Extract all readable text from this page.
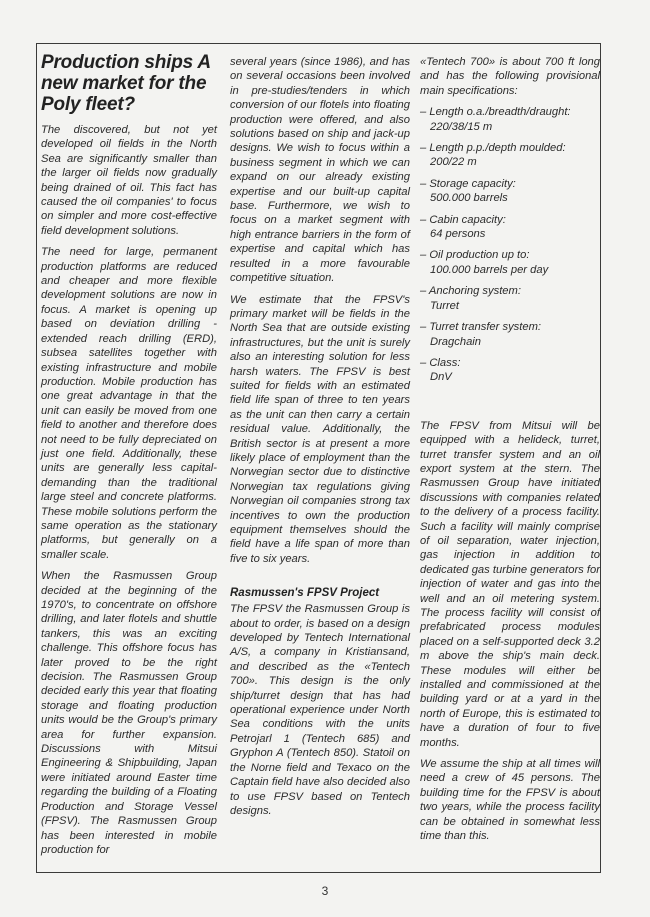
Production ships A new market for the Poly fleet?

The discovered, but not yet developed oil fields in the North Sea are significantly smaller than the larger oil fields now gradually being drained of oil. This fact has caused the oil companies' to focus on simpler and more cost-effective field development solutions.

The need for large, permanent production platforms are reduced and cheaper and more flexible development solutions are now in focus. A market is opening up based on deviation drilling - extended reach drilling (ERD), subsea satellites together with existing infrastructure and mobile production. Mobile production has one great advantage in that the unit can easily be moved from one field to another and therefore does not need to be fully depreciated on just one field. Additionally, these units are generally less capital-demanding than the traditional large steel and concrete platforms. These mobile solutions perform the same operation as the stationary platforms, but generally on a smaller scale.

When the Rasmussen Group decided at the beginning of the 1970's, to concentrate on offshore drilling, and later flotels and shuttle tankers, this was an exciting challenge. This offshore focus has later proved to be the right decision. The Rasmussen Group decided early this year that floating storage and floating production units would be the Group's primary area for further expansion. Discussions with Mitsui Engineering & Shipbuilding, Japan were initiated around Easter time regarding the building of a Floating Production and Storage Vessel (FPSV). The Rasmussen Group has been interested in mobile production for

several years (since 1986), and has on several occasions been involved in pre-studies/tenders in which conversion of our flotels into floating production were offered, and also solutions based on ship and jack-up designs. We wish to focus within a business segment in which we can expand on our already existing expertise and our built-up capital base. Furthermore, we wish to focus on a market segment with high entrance barriers in the form of expertise and capital which has resulted in a more favourable competitive situation.

We estimate that the FPSV's primary market will be fields in the North Sea that are outside existing infrastructures, but the unit is surely also an interesting solution for less harsh waters. The FPSV is best suited for fields with an estimated field life span of three to ten years as the unit can then carry a certain residual value. Additionally, the British sector is at present a more likely place of employment than the Norwegian sector due to distinctive Norwegian tax regulations giving Norwegian oil companies strong tax incentives to own the production equipment themselves should the field have a life span of more than five to six years.

Rasmussen's FPSV Project

The FPSV the Rasmussen Group is about to order, is based on a design developed by Tentech International A/S, a company in Kristiansand, and described as the «Tentech 700». This design is the only ship/turret design that has had operational experience under North Sea conditions with the units Petrojarl 1 (Tentech 685) and Gryphon A (Tentech 850). Statoil on the Norne field and Texaco on the Captain field have also decided also to use FPSV based on Tentech designs.

«Tentech 700» is about 700 ft long and has the following provisional main specifications:

– Length o.a./breadth/draught:
220/38/15 m
– Length p.p./depth moulded:
200/22 m
– Storage capacity:
500.000 barrels
– Cabin capacity:
64 persons
– Oil production up to:
100.000 barrels per day
– Anchoring system:
Turret
– Turret transfer system:
Dragchain
– Class:
DnV

The FPSV from Mitsui will be equipped with a helideck, turret, turret transfer system and an oil export system at the stern. The Rasmussen Group have initiated discussions with companies related to the delivery of a process facility. Such a facility will mainly comprise of oil separation, water injection, gas injection in addition to dedicated gas turbine generators for injection of water and gas into the well and an oil metering system. The process facility will consist of prefabricated process modules placed on a self-supported deck 3.2 m above the ship's main deck. These modules will either be installed and commissioned at the building yard or at a yard in the north of Europe, this is estimated to have a duration of four to five months.

We assume the ship at all times will need a crew of 45 persons. The building time for the FPSV is about two years, while the process facility can be obtained in somewhat less time than this.

3
